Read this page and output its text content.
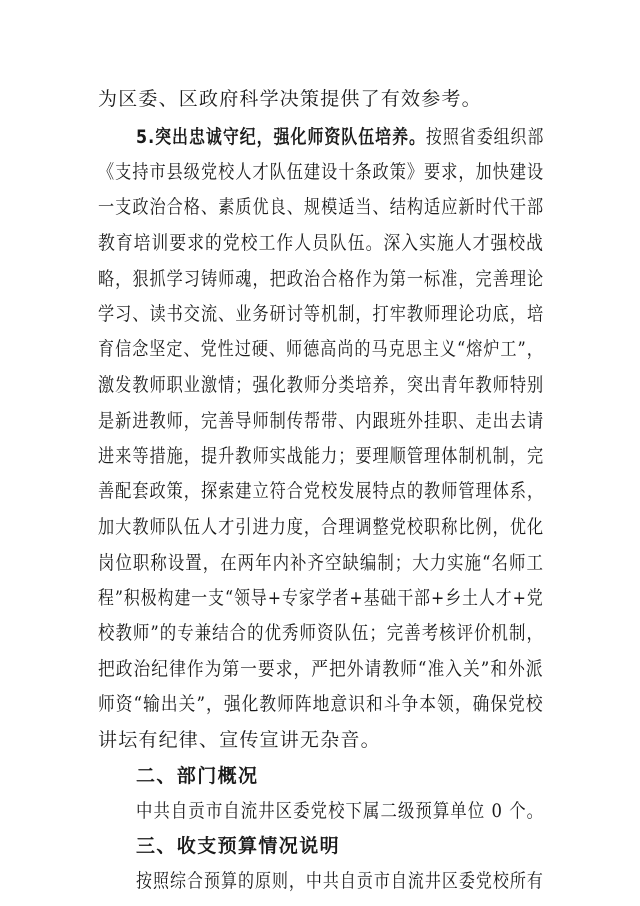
为区委、区政府科学决策提供了有效参考。
5.突出忠诚守纪，强化师资队伍培养。按照省委组织部
《支持市县级党校人才队伍建设十条政策》要求，加快建设
一支政治合格、素质优良、规模适当、结构适应新时代干部
教育培训要求的党校工作人员队伍。深入实施人才强校战
略，狠抓学习铸师魂，把政治合格作为第一标准，完善理论
学习、读书交流、业务研讨等机制，打牢教师理论功底，培
育信念坚定、党性过硬、师德高尚的马克思主义“熔炉工”，
激发教师职业激情；强化教师分类培养，突出青年教师特别
是新进教师，完善导师制传帮带、内跟班外挂职、走出去请
进来等措施，提升教师实战能力；要理顺管理体制机制，完
善配套政策，探索建立符合党校发展特点的教师管理体系，
加大教师队伍人才引进力度，合理调整党校职称比例，优化
岗位职称设置，在两年内补齐空缺编制；大力实施“名师工
程”积极构建一支“领导+专家学者+基础干部+乡土人才+党
校教师”的专兼结合的优秀师资队伍；完善考核评价机制，
把政治纪律作为第一要求，严把外请教师“准入关”和外派
师资“输出关”，强化教师阵地意识和斗争本领，确保党校
讲坛有纪律、宣传宣讲无杂音。
二、部门概况
中共自贡市自流井区委党校下属二级预算单位 0 个。
三、收支预算情况说明
按照综合预算的原则，中共自贡市自流井区委党校所有
